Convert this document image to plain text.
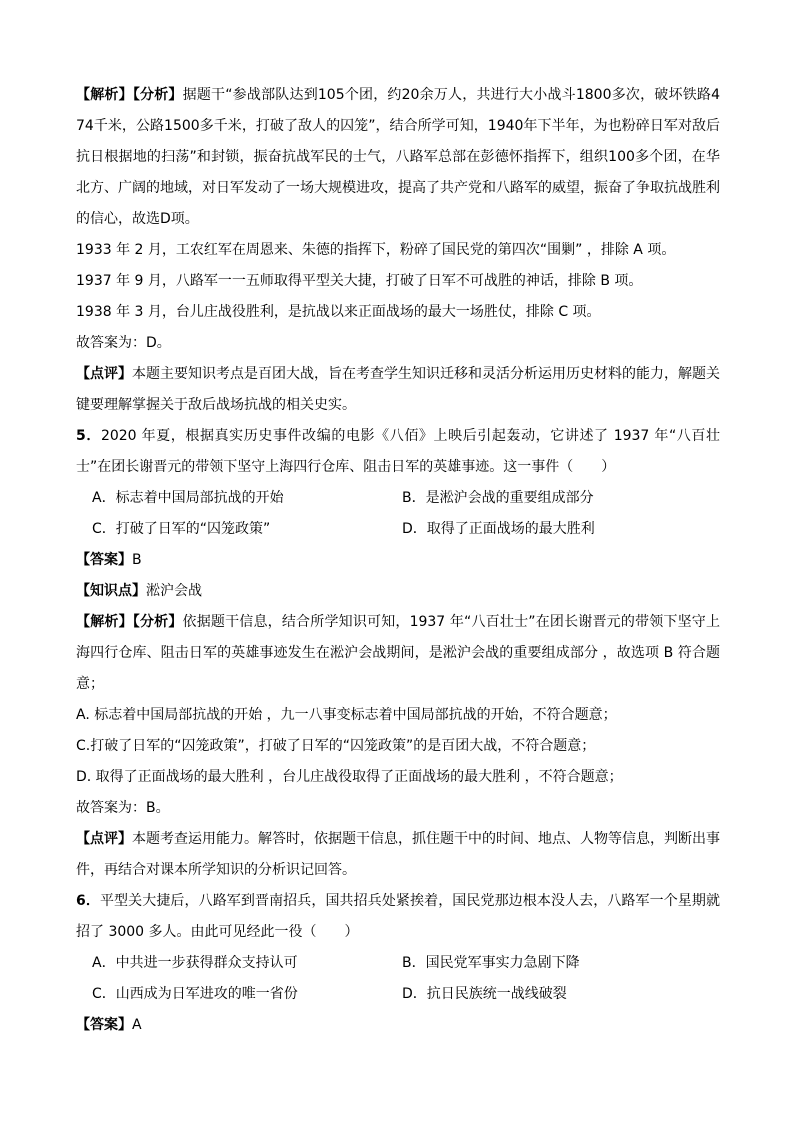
【解析】【分析】据题干“参战部队达到105个团，约20余万人，共进行大小战斗1800多次，破坏铁路474千米，公路1500多千米，打破了敌人的囚笼”，结合所学可知，1940年下半年，为也粉碎日军对敌后抗日根据地的扫荡”和封锁，振奋抗战军民的士气，八路军总部在彭德怀指挥下，组织100多个团，在华北方、广阔的地域，对日军发动了一场大规模进攻，提高了共产党和八路军的威望，振奋了争取抗战胜利的信心，故选D项。

1933 年 2 月，工农红军在周恩来、朱德的指挥下，粉碎了国民党的第四次“围剿” ，排除 A 项。

1937 年 9 月，八路军一一五师取得平型关大捷，打破了日军不可战胜的神话，排除 B 项。

1938 年 3 月，台儿庄战役胜利，是抗战以来正面战场的最大一场胜仗，排除 C 项。

故答案为：D。

【点评】本题主要知识考点是百团大战，旨在考查学生知识迁移和灵活分析运用历史材料的能力，解题关键要理解掌握关于敌后战场抗战的相关史实。

5．2020 年夏，根据真实历史事件改编的电影《八佰》上映后引起轰动，它讲述了 1937 年“八百壮士”在团长谢晋元的带领下坚守上海四行仓库、阻击日军的英雄事迹。这一事件（　　）

A．标志着中国局部抗战的开始	B．是淞沪会战的重要组成部分
C．打破了日军的“囚笼政策”	D．取得了正面战场的最大胜利

【答案】B

【知识点】淞沪会战

【解析】【分析】依据题干信息，结合所学知识可知，1937 年“八百壮士”在团长谢晋元的带领下坚守上海四行仓库、阻击日军的英雄事迹发生在淞沪会战期间，是淞沪会战的重要组成部分 ，故选项 B 符合题意；

A. 标志着中国局部抗战的开始 ，九一八事变标志着中国局部抗战的开始，不符合题意；

C.打破了日军的“囚笼政策”，打破了日军的“囚笼政策”的是百团大战，不符合题意；

D. 取得了正面战场的最大胜利 ，台儿庄战役取得了正面战场的最大胜利 ，不符合题意；

故答案为：B。

【点评】本题考查运用能力。解答时，依据题干信息，抓住题干中的时间、地点、人物等信息，判断出事件，再结合对课本所学知识的分析识记回答。

6．平型关大捷后，八路军到晋南招兵，国共招兵处紧挨着，国民党那边根本没人去，八路军一个星期就招了 3000 多人。由此可见经此一役（　　）

A．中共进一步获得群众支持认可	B．国民党军事实力急剧下降
C．山西成为日军进攻的唯一省份	D．抗日民族统一战线破裂

【答案】A
